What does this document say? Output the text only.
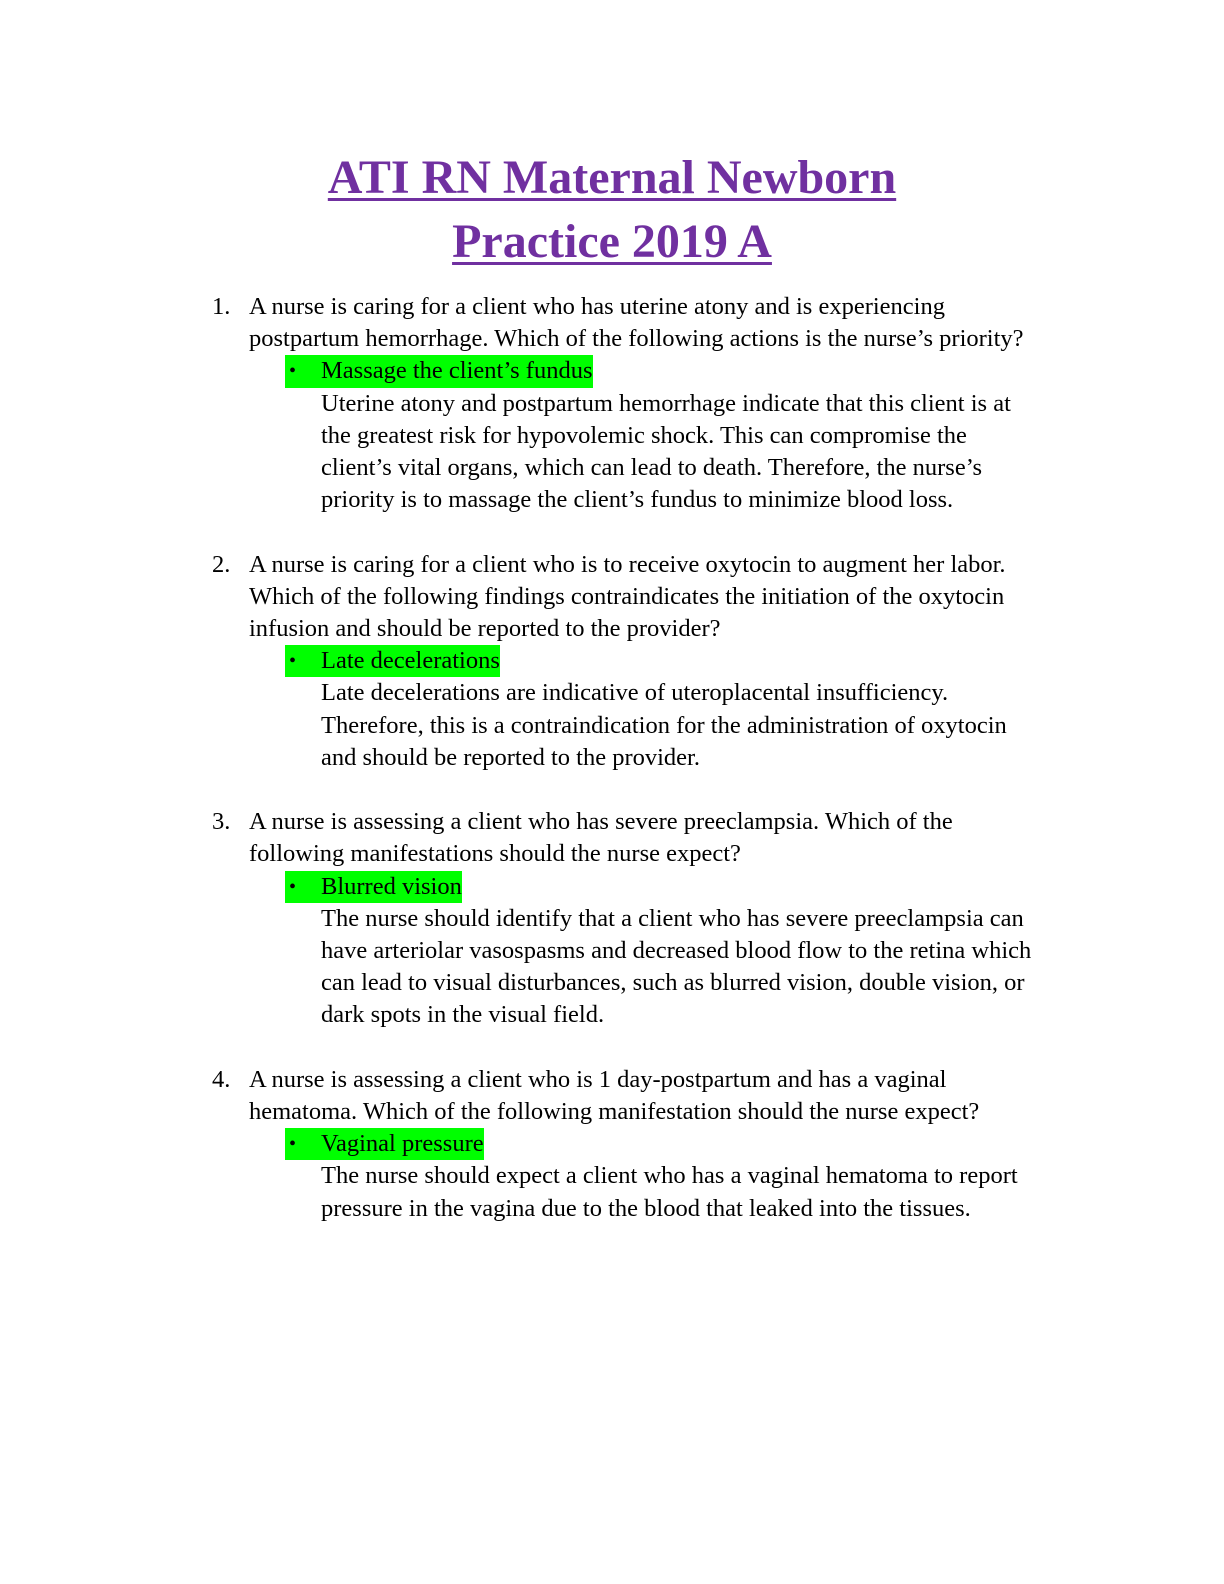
ATI RN Maternal Newborn
Practice 2019 A
1. A nurse is caring for a client who has uterine atony and is experiencing postpartum hemorrhage. Which of the following actions is the nurse’s priority?
• Massage the client’s fundus
Uterine atony and postpartum hemorrhage indicate that this client is at the greatest risk for hypovolemic shock. This can compromise the client’s vital organs, which can lead to death. Therefore, the nurse’s priority is to massage the client’s fundus to minimize blood loss.
2. A nurse is caring for a client who is to receive oxytocin to augment her labor. Which of the following findings contraindicates the initiation of the oxytocin infusion and should be reported to the provider?
• Late decelerations
Late decelerations are indicative of uteroplacental insufficiency. Therefore, this is a contraindication for the administration of oxytocin and should be reported to the provider.
3. A nurse is assessing a client who has severe preeclampsia. Which of the following manifestations should the nurse expect?
• Blurred vision
The nurse should identify that a client who has severe preeclampsia can have arteriolar vasospasms and decreased blood flow to the retina which can lead to visual disturbances, such as blurred vision, double vision, or dark spots in the visual field.
4. A nurse is assessing a client who is 1 day-postpartum and has a vaginal hematoma. Which of the following manifestation should the nurse expect?
• Vaginal pressure
The nurse should expect a client who has a vaginal hematoma to report pressure in the vagina due to the blood that leaked into the tissues.
